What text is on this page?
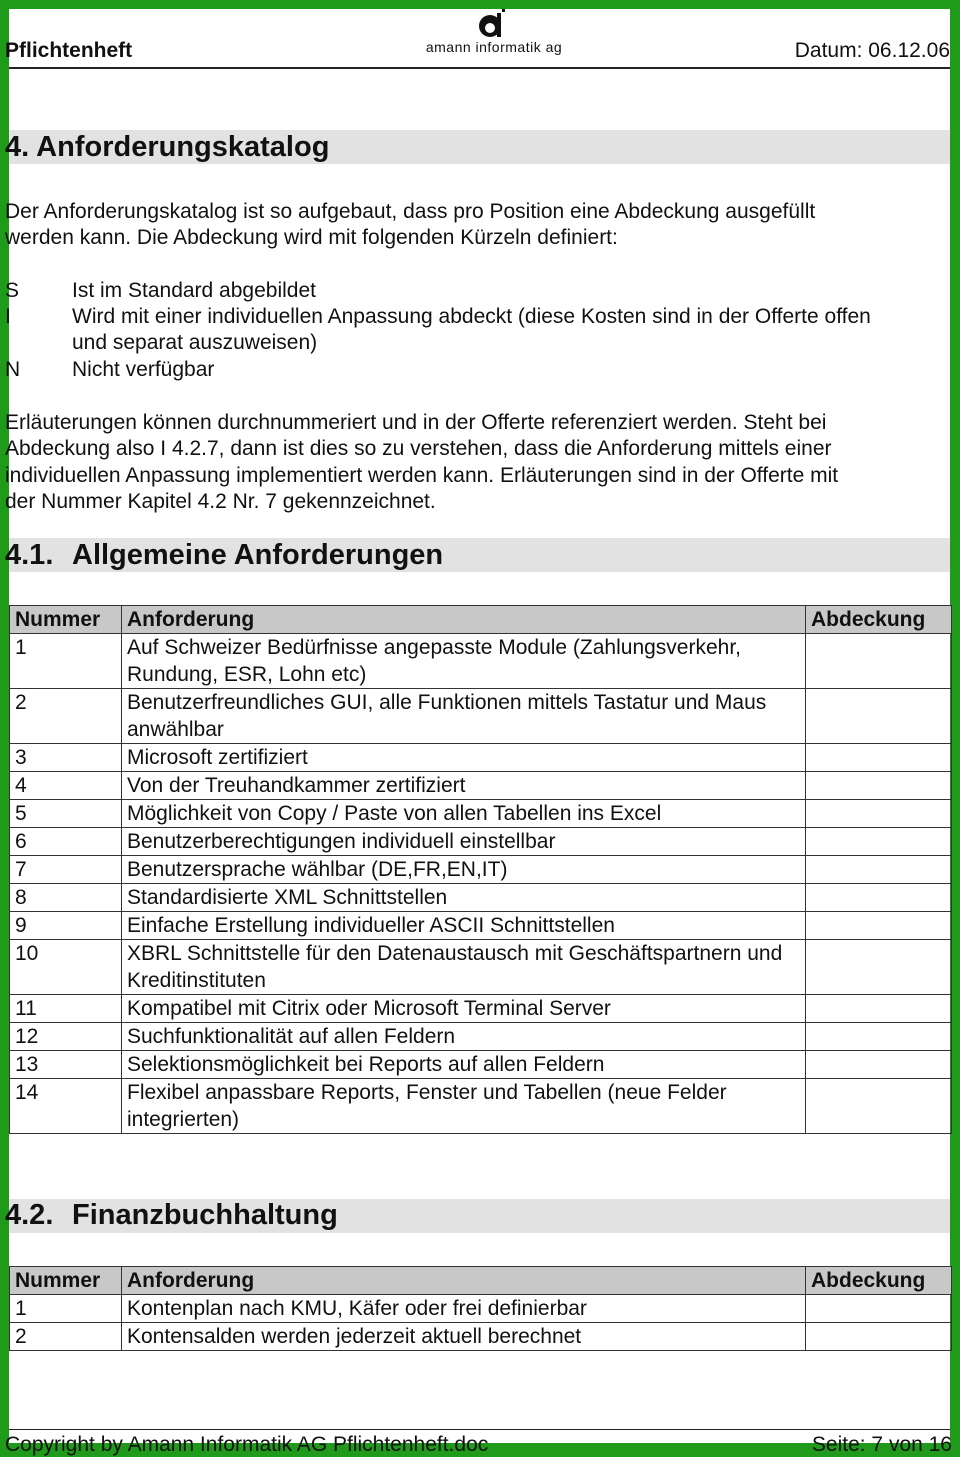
Pflichtenheft	amann informatik ag	Datum: 06.12.06
4. Anforderungskatalog
Der Anforderungskatalog ist so aufgebaut, dass pro Position eine Abdeckung ausgefüllt
werden kann. Die Abdeckung wird mit folgenden Kürzeln definiert:
S	Ist im Standard abgebildet
I	Wird mit einer individuellen Anpassung abdeckt (diese Kosten sind in der Offerte offen
und separat auszuweisen)
N Nicht verfügbar
Erläuterungen können durchnummeriert und in der Offerte referenziert werden. Steht bei
Abdeckung also I 4.2.7, dann ist dies so zu verstehen, dass die Anforderung mittels einer
individuellen Anpassung implementiert werden kann. Erläuterungen sind in der Offerte mit
der Nummer Kapitel 4.2 Nr. 7 gekennzeichnet.
4.1. Allgemeine Anforderungen
Nummer	Anforderung	Abdeckung
1	Auf Schweizer Bedürfnisse angepasste Module (Zahlungsverkehr, Rundung, ESR, Lohn etc)	
2	Benutzerfreundliches GUI, alle Funktionen mittels Tastatur und Maus anwählbar	
3	Microsoft zertifiziert	
4	Von der Treuhandkammer zertifiziert	
5	Möglichkeit von Copy / Paste von allen Tabellen ins Excel	
6	Benutzerberechtigungen individuell einstellbar	
7	Benutzersprache wählbar (DE,FR,EN,IT)	
8	Standardisierte XML Schnittstellen	
9	Einfache Erstellung individueller ASCII Schnittstellen	
10	XBRL Schnittstelle für den Datenaustausch mit Geschäftspartnern und Kreditinstituten	
11	Kompatibel mit Citrix oder Microsoft Terminal Server	
12	Suchfunktionalität auf allen Feldern	
13	Selektionsmöglichkeit bei Reports auf allen Feldern	
14	Flexibel anpassbare Reports, Fenster und Tabellen (neue Felder integrierten)	
4.2. Finanzbuchhaltung
Nummer	Anforderung	Abdeckung
1	Kontenplan nach KMU, Käfer oder frei definierbar	
2	Kontensalden werden jederzeit aktuell berechnet	
Copyright by Amann Informatik AG Pflichtenheft.doc	Seite: 7 von 16
